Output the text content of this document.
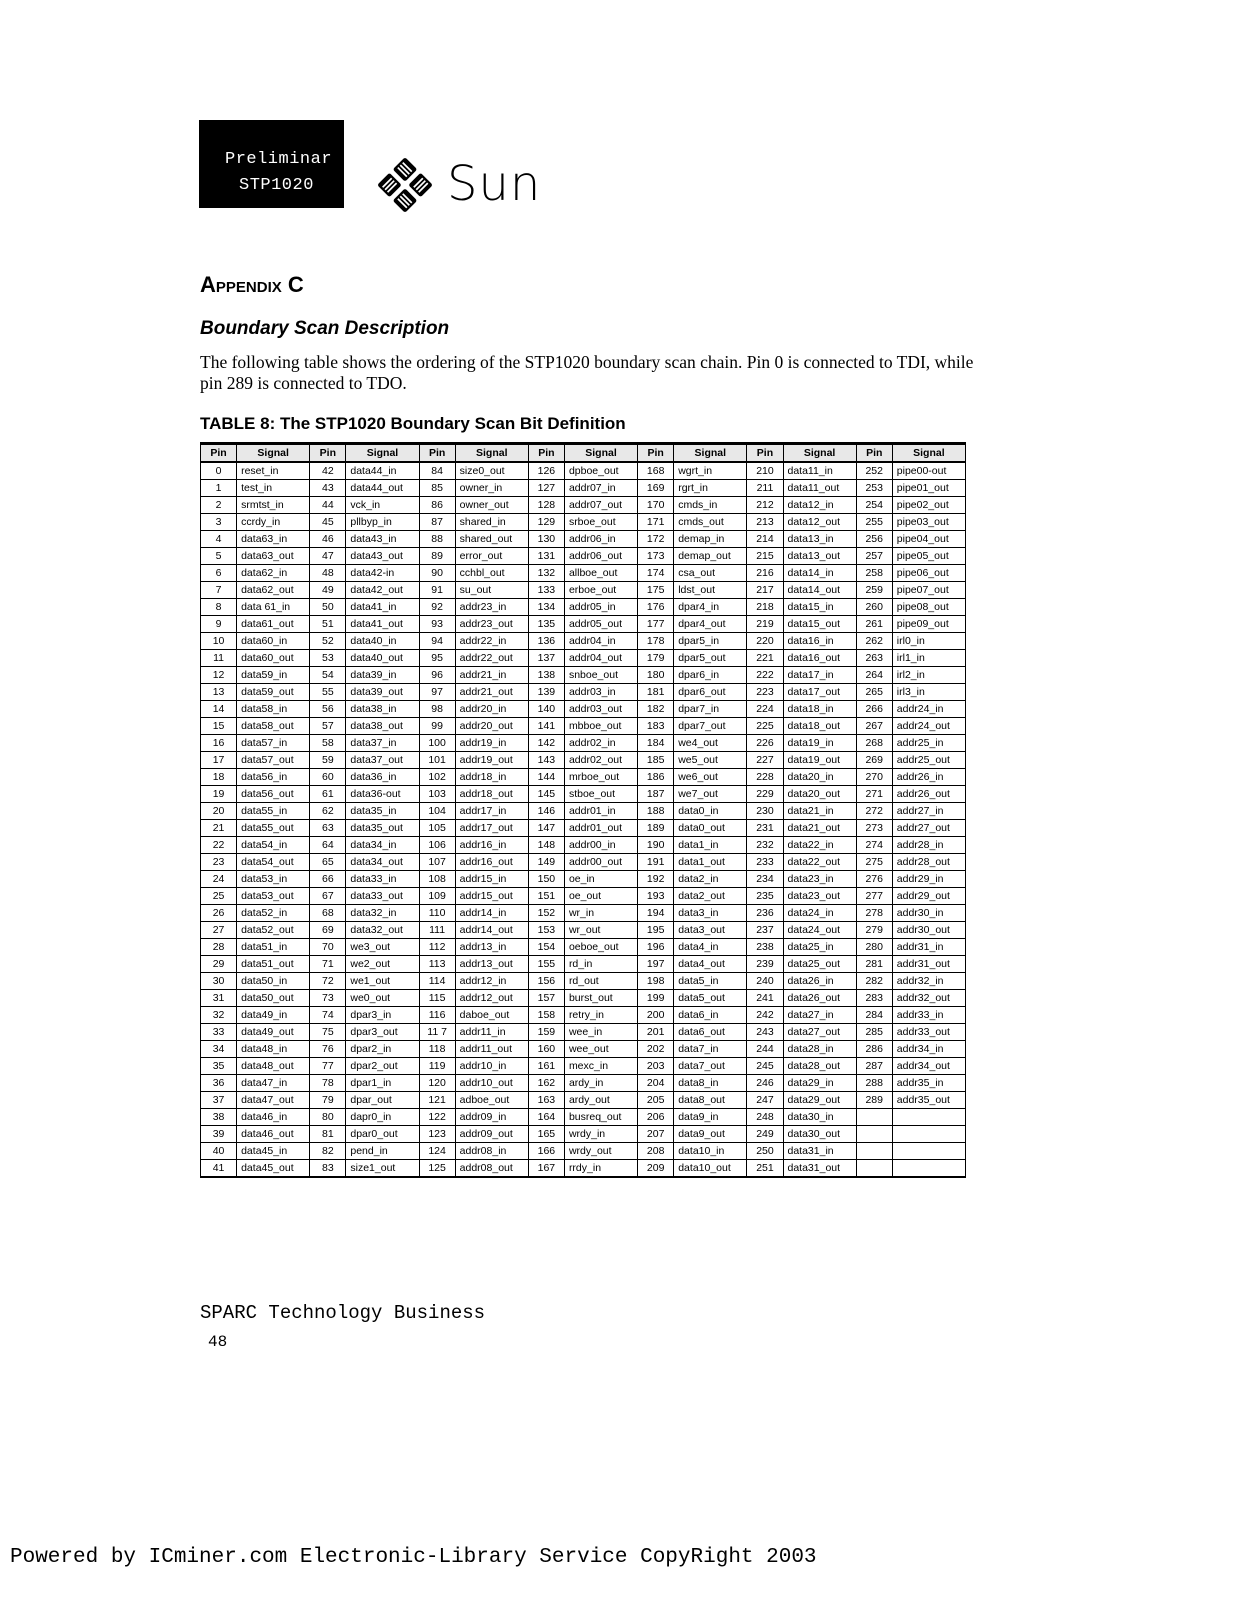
Preliminar
STP1020	Sun
Appendix C
Boundary Scan Description
The following table shows the ordering of the STP1020 boundary scan chain. Pin 0 is connected to TDI, while pin 289 is connected to TDO.
TABLE 8: The STP1020 Boundary Scan Bit Definition
Pin	Signal	Pin	Signal	Pin	Signal	Pin	Signal	Pin	Signal	Pin	Signal	Pin	Signal
0	reset_in	42	data44_in	84	size0_out	126	dpboe_out	168	wgrt_in	210	data11_in	252	pipe00-out
1	test_in	43	data44_out	85	owner_in	127	addr07_in	169	rgrt_in	211	data11_out	253	pipe01_out
2	srmtst_in	44	vck_in	86	owner_out	128	addr07_out	170	cmds_in	212	data12_in	254	pipe02_out
3	ccrdy_in	45	pllbyp_in	87	shared_in	129	srboe_out	171	cmds_out	213	data12_out	255	pipe03_out
4	data63_in	46	data43_in	88	shared_out	130	addr06_in	172	demap_in	214	data13_in	256	pipe04_out
5	data63_out	47	data43_out	89	error_out	131	addr06_out	173	demap_out	215	data13_out	257	pipe05_out
6	data62_in	48	data42-in	90	cchbl_out	132	allboe_out	174	csa_out	216	data14_in	258	pipe06_out
7	data62_out	49	data42_out	91	su_out	133	erboe_out	175	ldst_out	217	data14_out	259	pipe07_out
8	data 61_in	50	data41_in	92	addr23_in	134	addr05_in	176	dpar4_in	218	data15_in	260	pipe08_out
9	data61_out	51	data41_out	93	addr23_out	135	addr05_out	177	dpar4_out	219	data15_out	261	pipe09_out
10	data60_in	52	data40_in	94	addr22_in	136	addr04_in	178	dpar5_in	220	data16_in	262	irl0_in
11	data60_out	53	data40_out	95	addr22_out	137	addr04_out	179	dpar5_out	221	data16_out	263	irl1_in
12	data59_in	54	data39_in	96	addr21_in	138	snboe_out	180	dpar6_in	222	data17_in	264	irl2_in
13	data59_out	55	data39_out	97	addr21_out	139	addr03_in	181	dpar6_out	223	data17_out	265	irl3_in
14	data58_in	56	data38_in	98	addr20_in	140	addr03_out	182	dpar7_in	224	data18_in	266	addr24_in
15	data58_out	57	data38_out	99	addr20_out	141	mbboe_out	183	dpar7_out	225	data18_out	267	addr24_out
16	data57_in	58	data37_in	100	addr19_in	142	addr02_in	184	we4_out	226	data19_in	268	addr25_in
17	data57_out	59	data37_out	101	addr19_out	143	addr02_out	185	we5_out	227	data19_out	269	addr25_out
18	data56_in	60	data36_in	102	addr18_in	144	mrboe_out	186	we6_out	228	data20_in	270	addr26_in
19	data56_out	61	data36-out	103	addr18_out	145	stboe_out	187	we7_out	229	data20_out	271	addr26_out
20	data55_in	62	data35_in	104	addr17_in	146	addr01_in	188	data0_in	230	data21_in	272	addr27_in
21	data55_out	63	data35_out	105	addr17_out	147	addr01_out	189	data0_out	231	data21_out	273	addr27_out
22	data54_in	64	data34_in	106	addr16_in	148	addr00_in	190	data1_in	232	data22_in	274	addr28_in
23	data54_out	65	data34_out	107	addr16_out	149	addr00_out	191	data1_out	233	data22_out	275	addr28_out
24	data53_in	66	data33_in	108	addr15_in	150	oe_in	192	data2_in	234	data23_in	276	addr29_in
25	data53_out	67	data33_out	109	addr15_out	151	oe_out	193	data2_out	235	data23_out	277	addr29_out
26	data52_in	68	data32_in	110	addr14_in	152	wr_in	194	data3_in	236	data24_in	278	addr30_in
27	data52_out	69	data32_out	111	addr14_out	153	wr_out	195	data3_out	237	data24_out	279	addr30_out
28	data51_in	70	we3_out	112	addr13_in	154	oeboe_out	196	data4_in	238	data25_in	280	addr31_in
29	data51_out	71	we2_out	113	addr13_out	155	rd_in	197	data4_out	239	data25_out	281	addr31_out
30	data50_in	72	we1_out	114	addr12_in	156	rd_out	198	data5_in	240	data26_in	282	addr32_in
31	data50_out	73	we0_out	115	addr12_out	157	burst_out	199	data5_out	241	data26_out	283	addr32_out
32	data49_in	74	dpar3_in	116	daboe_out	158	retry_in	200	data6_in	242	data27_in	284	addr33_in
33	data49_out	75	dpar3_out	11 7	addr11_in	159	wee_in	201	data6_out	243	data27_out	285	addr33_out
34	data48_in	76	dpar2_in	118	addr11_out	160	wee_out	202	data7_in	244	data28_in	286	addr34_in
35	data48_out	77	dpar2_out	119	addr10_in	161	mexc_in	203	data7_out	245	data28_out	287	addr34_out
36	data47_in	78	dpar1_in	120	addr10_out	162	ardy_in	204	data8_in	246	data29_in	288	addr35_in
37	data47_out	79	dpar_out	121	adboe_out	163	ardy_out	205	data8_out	247	data29_out	289	addr35_out
38	data46_in	80	dapr0_in	122	addr09_in	164	busreq_out	206	data9_in	248	data30_in		
39	data46_out	81	dpar0_out	123	addr09_out	165	wrdy_in	207	data9_out	249	data30_out		
40	data45_in	82	pend_in	124	addr08_in	166	wrdy_out	208	data10_in	250	data31_in		
41	data45_out	83	size1_out	125	addr08_out	167	rrdy_in	209	data10_out	251	data31_out		
SPARC Technology Business
48
Powered by ICminer.com Electronic-Library Service CopyRight 2003
